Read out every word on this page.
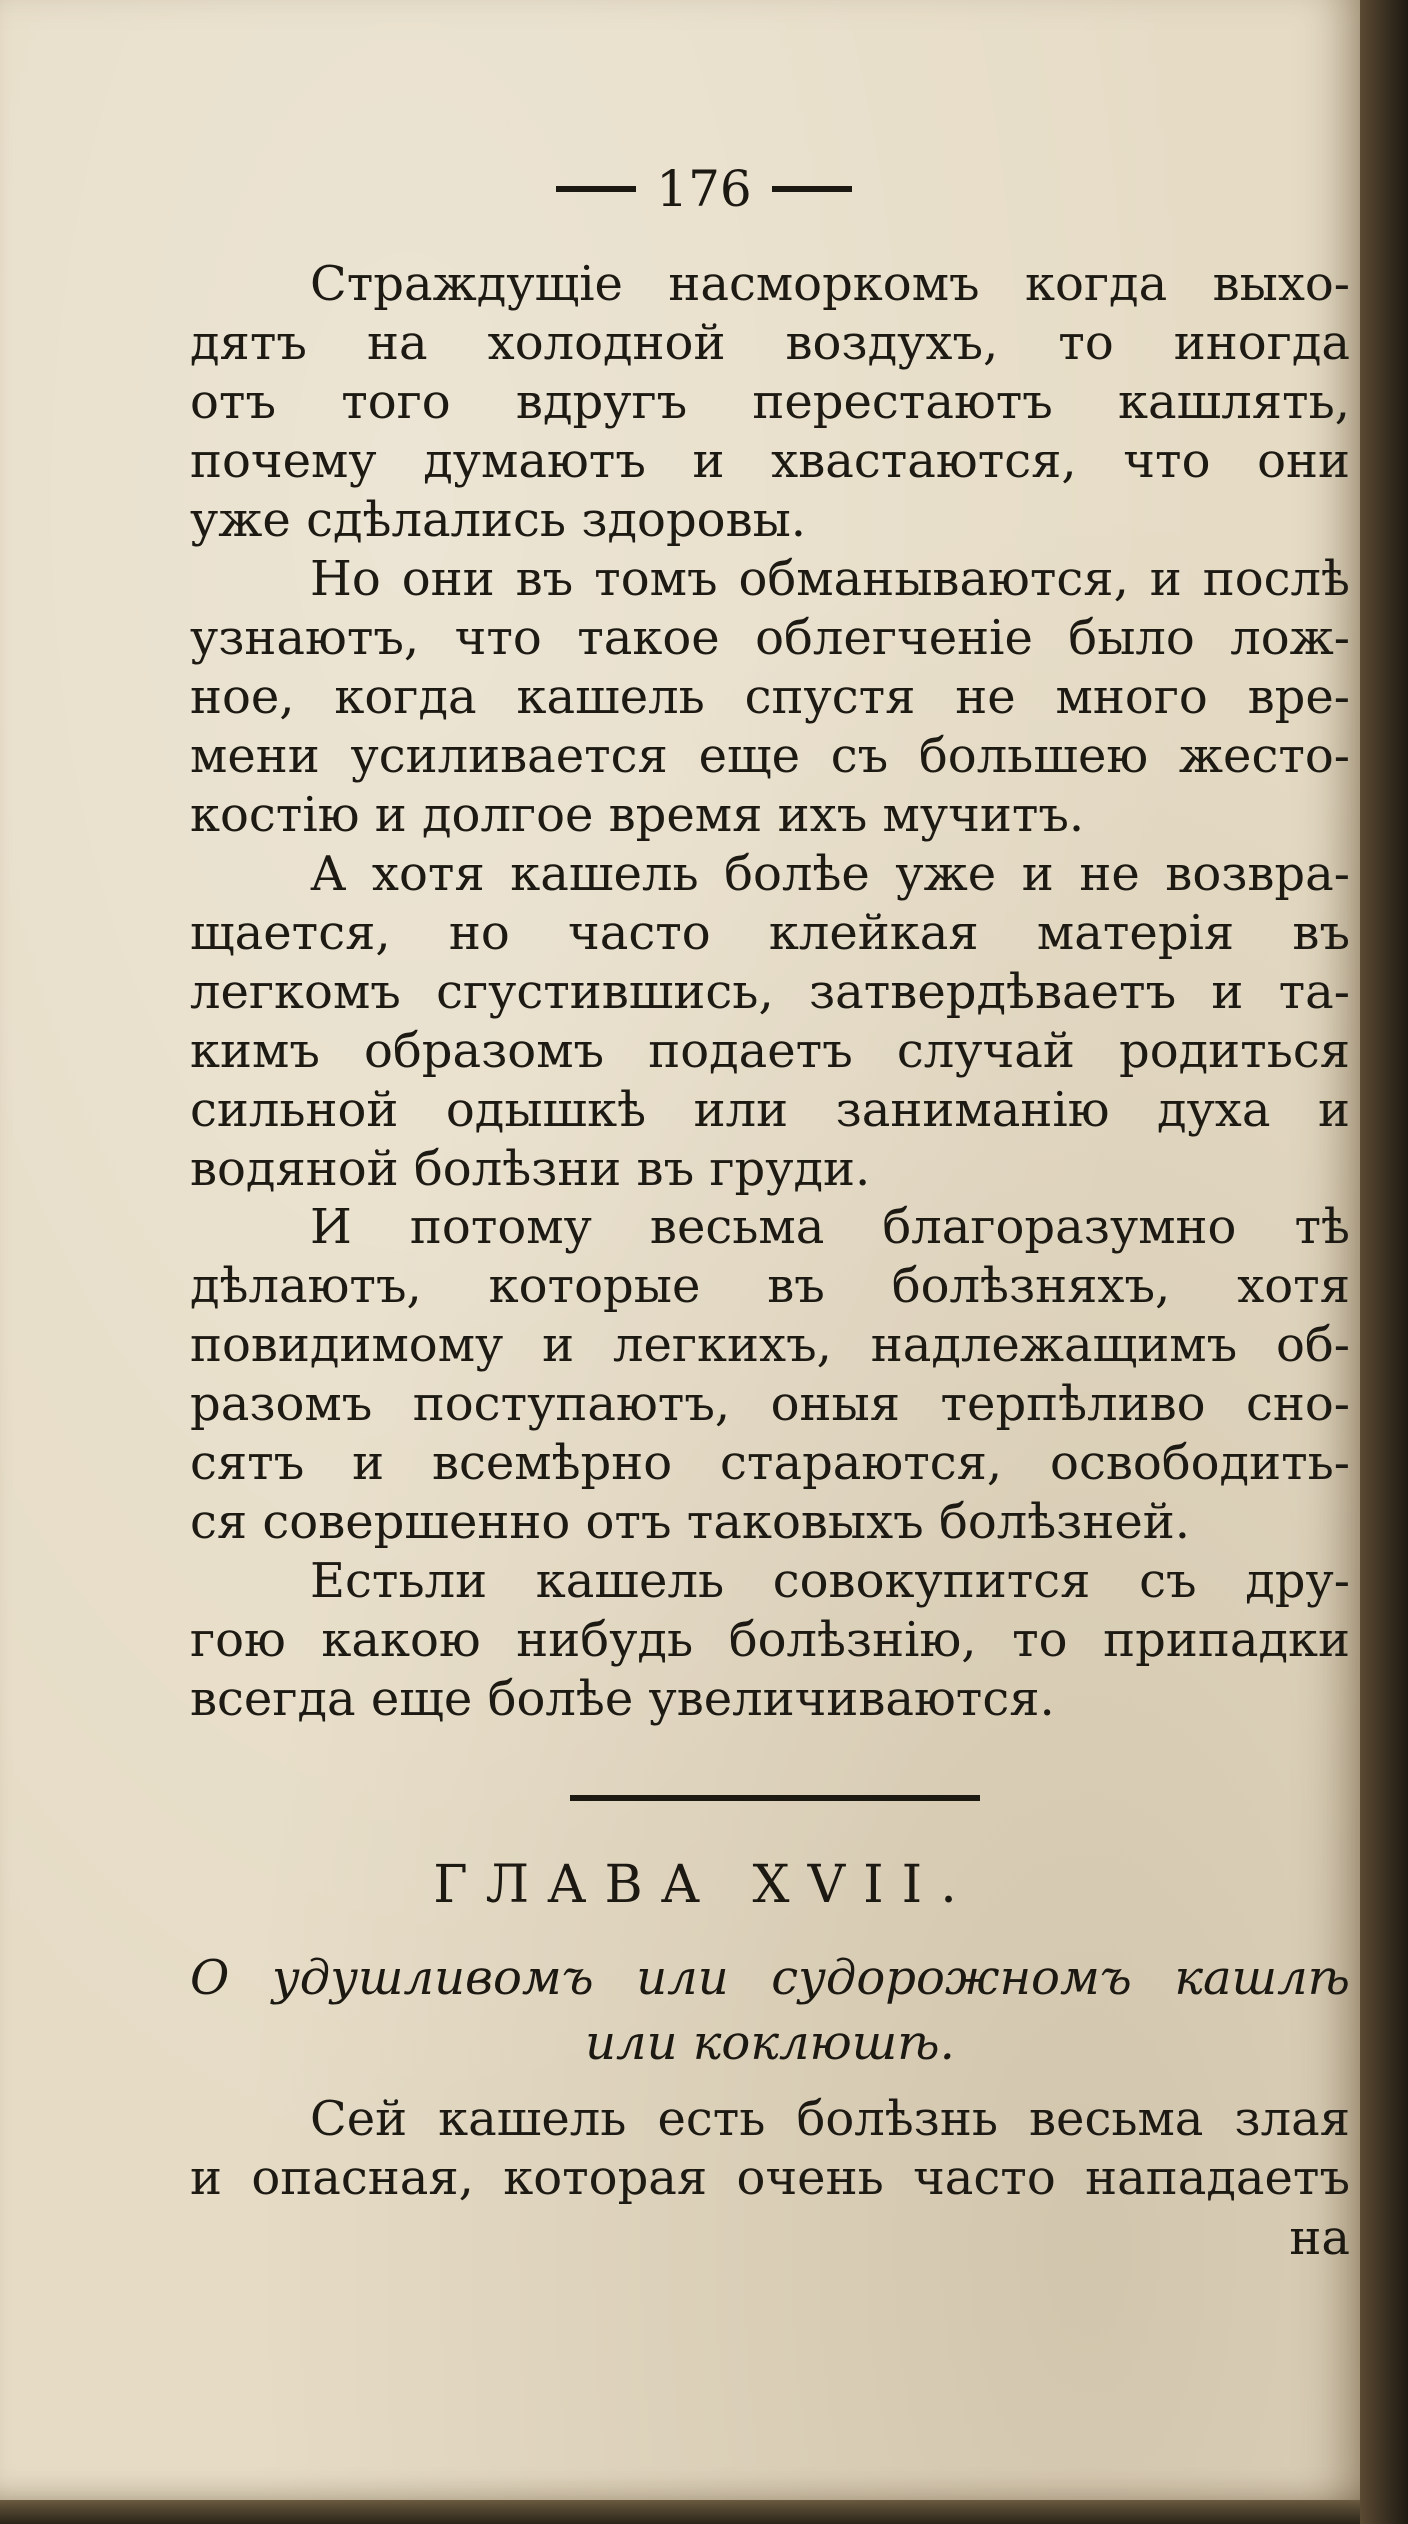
176
Страждущіе насморкомъ когда выхо-
дятъ на холодной воздухъ, то иногда
отъ того вдругъ перестаютъ кашлять,
почему думаютъ и хвастаются, что они
уже сдѣлались здоровы.
Но они въ томъ обманываются, и послѣ
узнаютъ, что такое облегченіе было лож-
ное, когда кашель спустя не много вре-
мени усиливается еще съ большею жесто-
костію и долгое время ихъ мучитъ.
А хотя кашель болѣе уже и не возвра-
щается, но часто клейкая матерія въ
легкомъ сгустившись, затвердѣваетъ и та-
кимъ образомъ подаетъ случай родиться
сильной одышкѣ или заниманію духа и
водяной болѣзни въ груди.
И потому весьма благоразумно тѣ
дѣлаютъ, которые въ болѣзняхъ, хотя
повидимому и легкихъ, надлежащимъ об-
разомъ поступаютъ, оныя терпѣливо сно-
сятъ и всемѣрно стараются, освободить-
ся совершенно отъ таковыхъ болѣзней.
Естьли кашель совокупится съ дру-
гою какою нибудь болѣзнію, то припадки
всегда еще болѣе увеличиваются.
ГЛАВА XVII.
О удушливомъ или судорожномъ кашлѣ
или коклюшѣ.
Сей кашель есть болѣзнь весьма злая
и опасная, которая очень часто нападаетъ
на
